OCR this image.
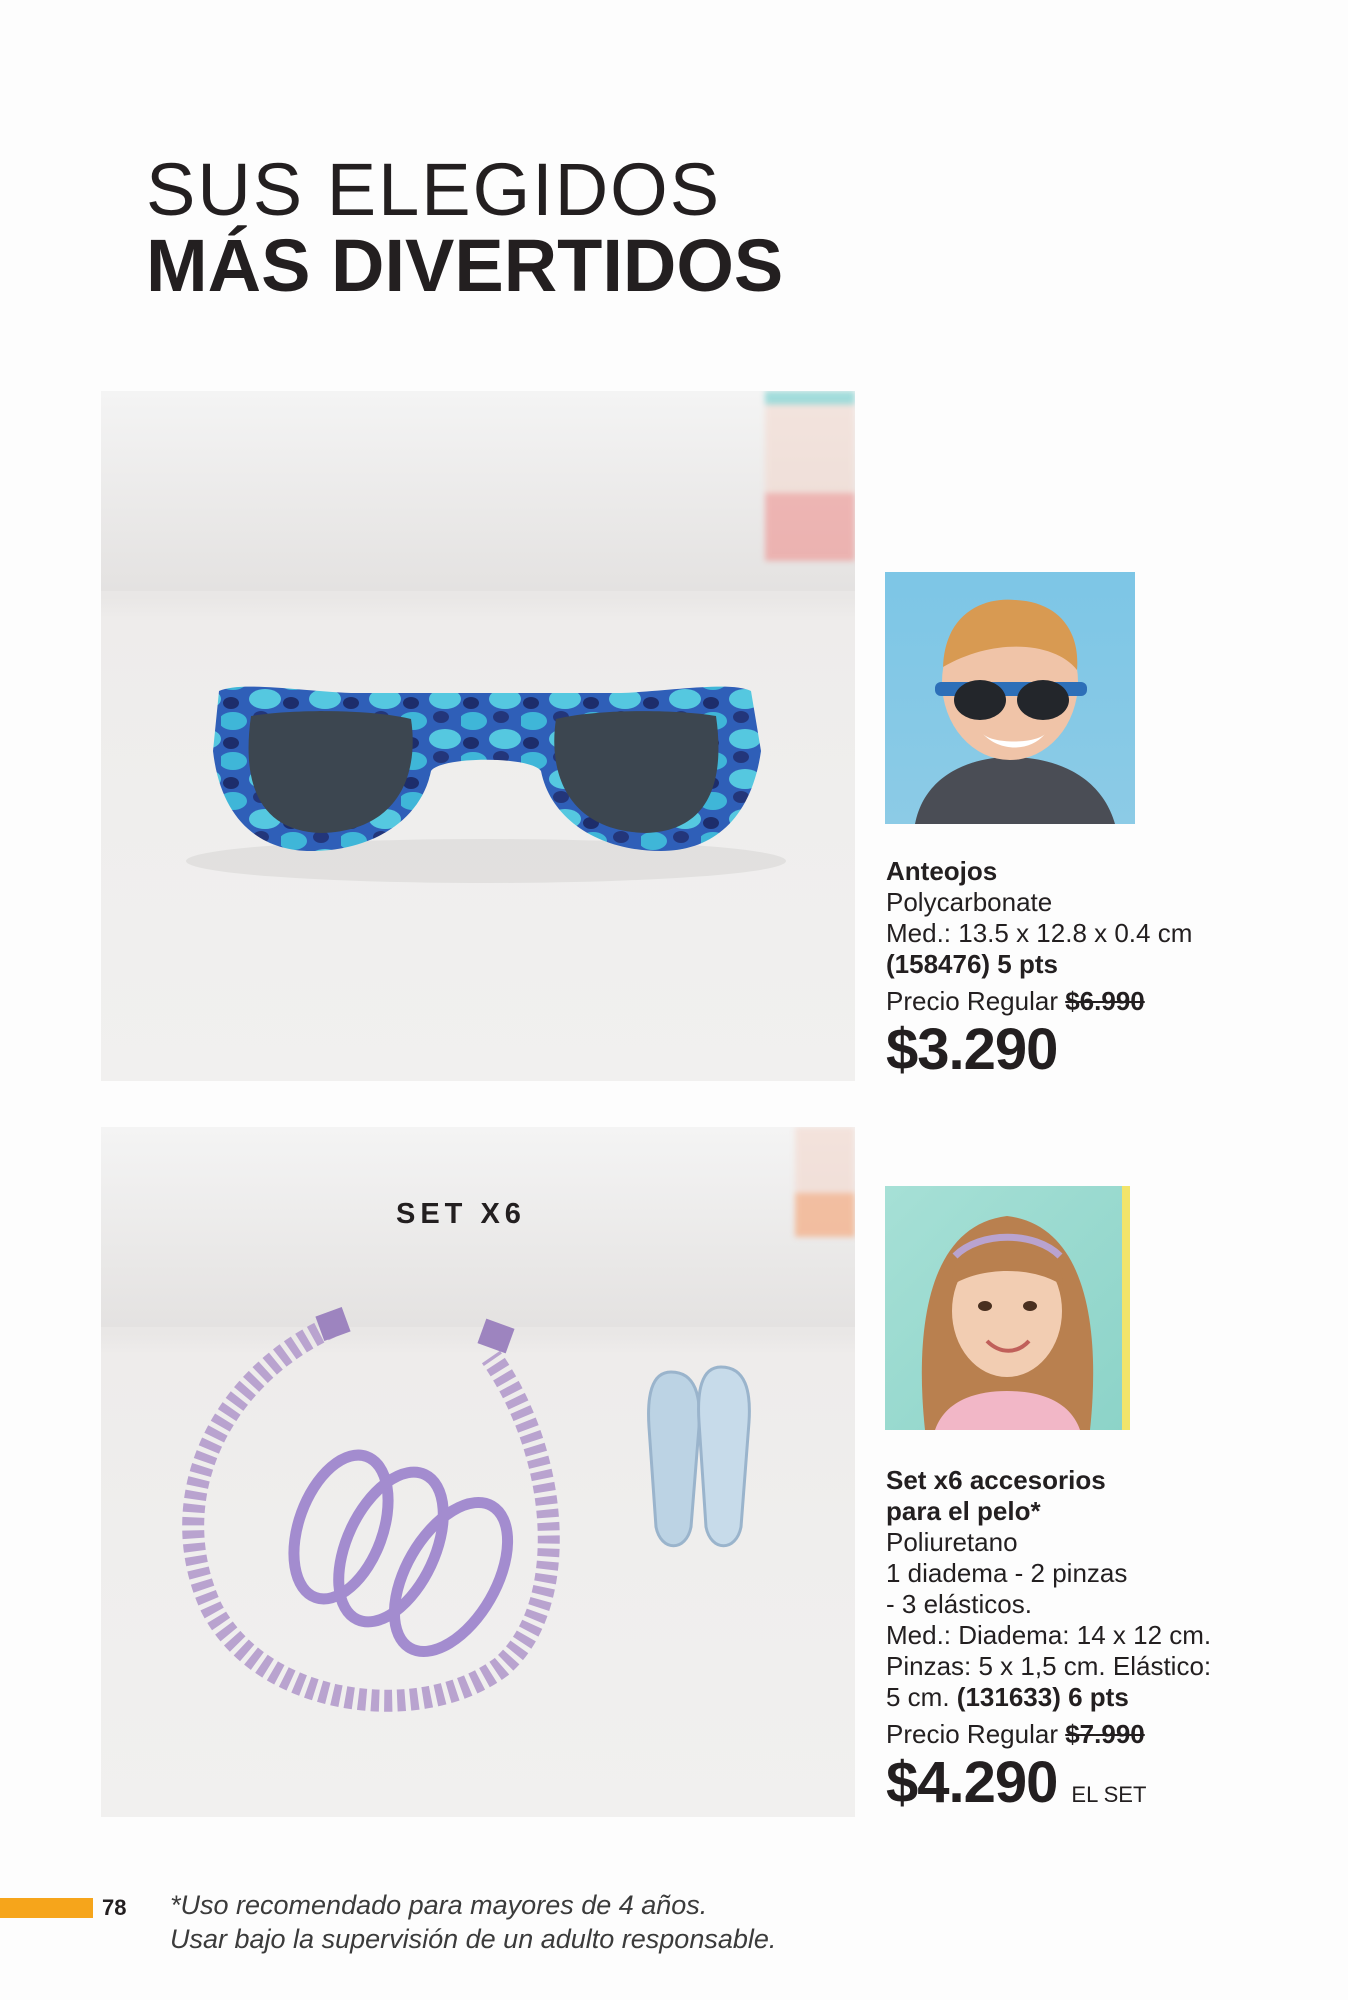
SUS ELEGIDOS
MÁS DIVERTIDOS
SET X6
Anteojos
Polycarbonate
Med.: 13.5 x 12.8 x 0.4 cm
(158476) 5 pts
Precio Regular $6.990
$3.290
Set x6 accesorios
para el pelo*
Poliuretano
1 diadema - 2 pinzas
- 3 elásticos.
Med.: Diadema: 14 x 12 cm.
Pinzas: 5 x 1,5 cm. Elástico:
5 cm. (131633) 6 pts
Precio Regular $7.990
$4.290 EL SET
78 *Uso recomendado para mayores de 4 años.
Usar bajo la supervisión de un adulto responsable.
